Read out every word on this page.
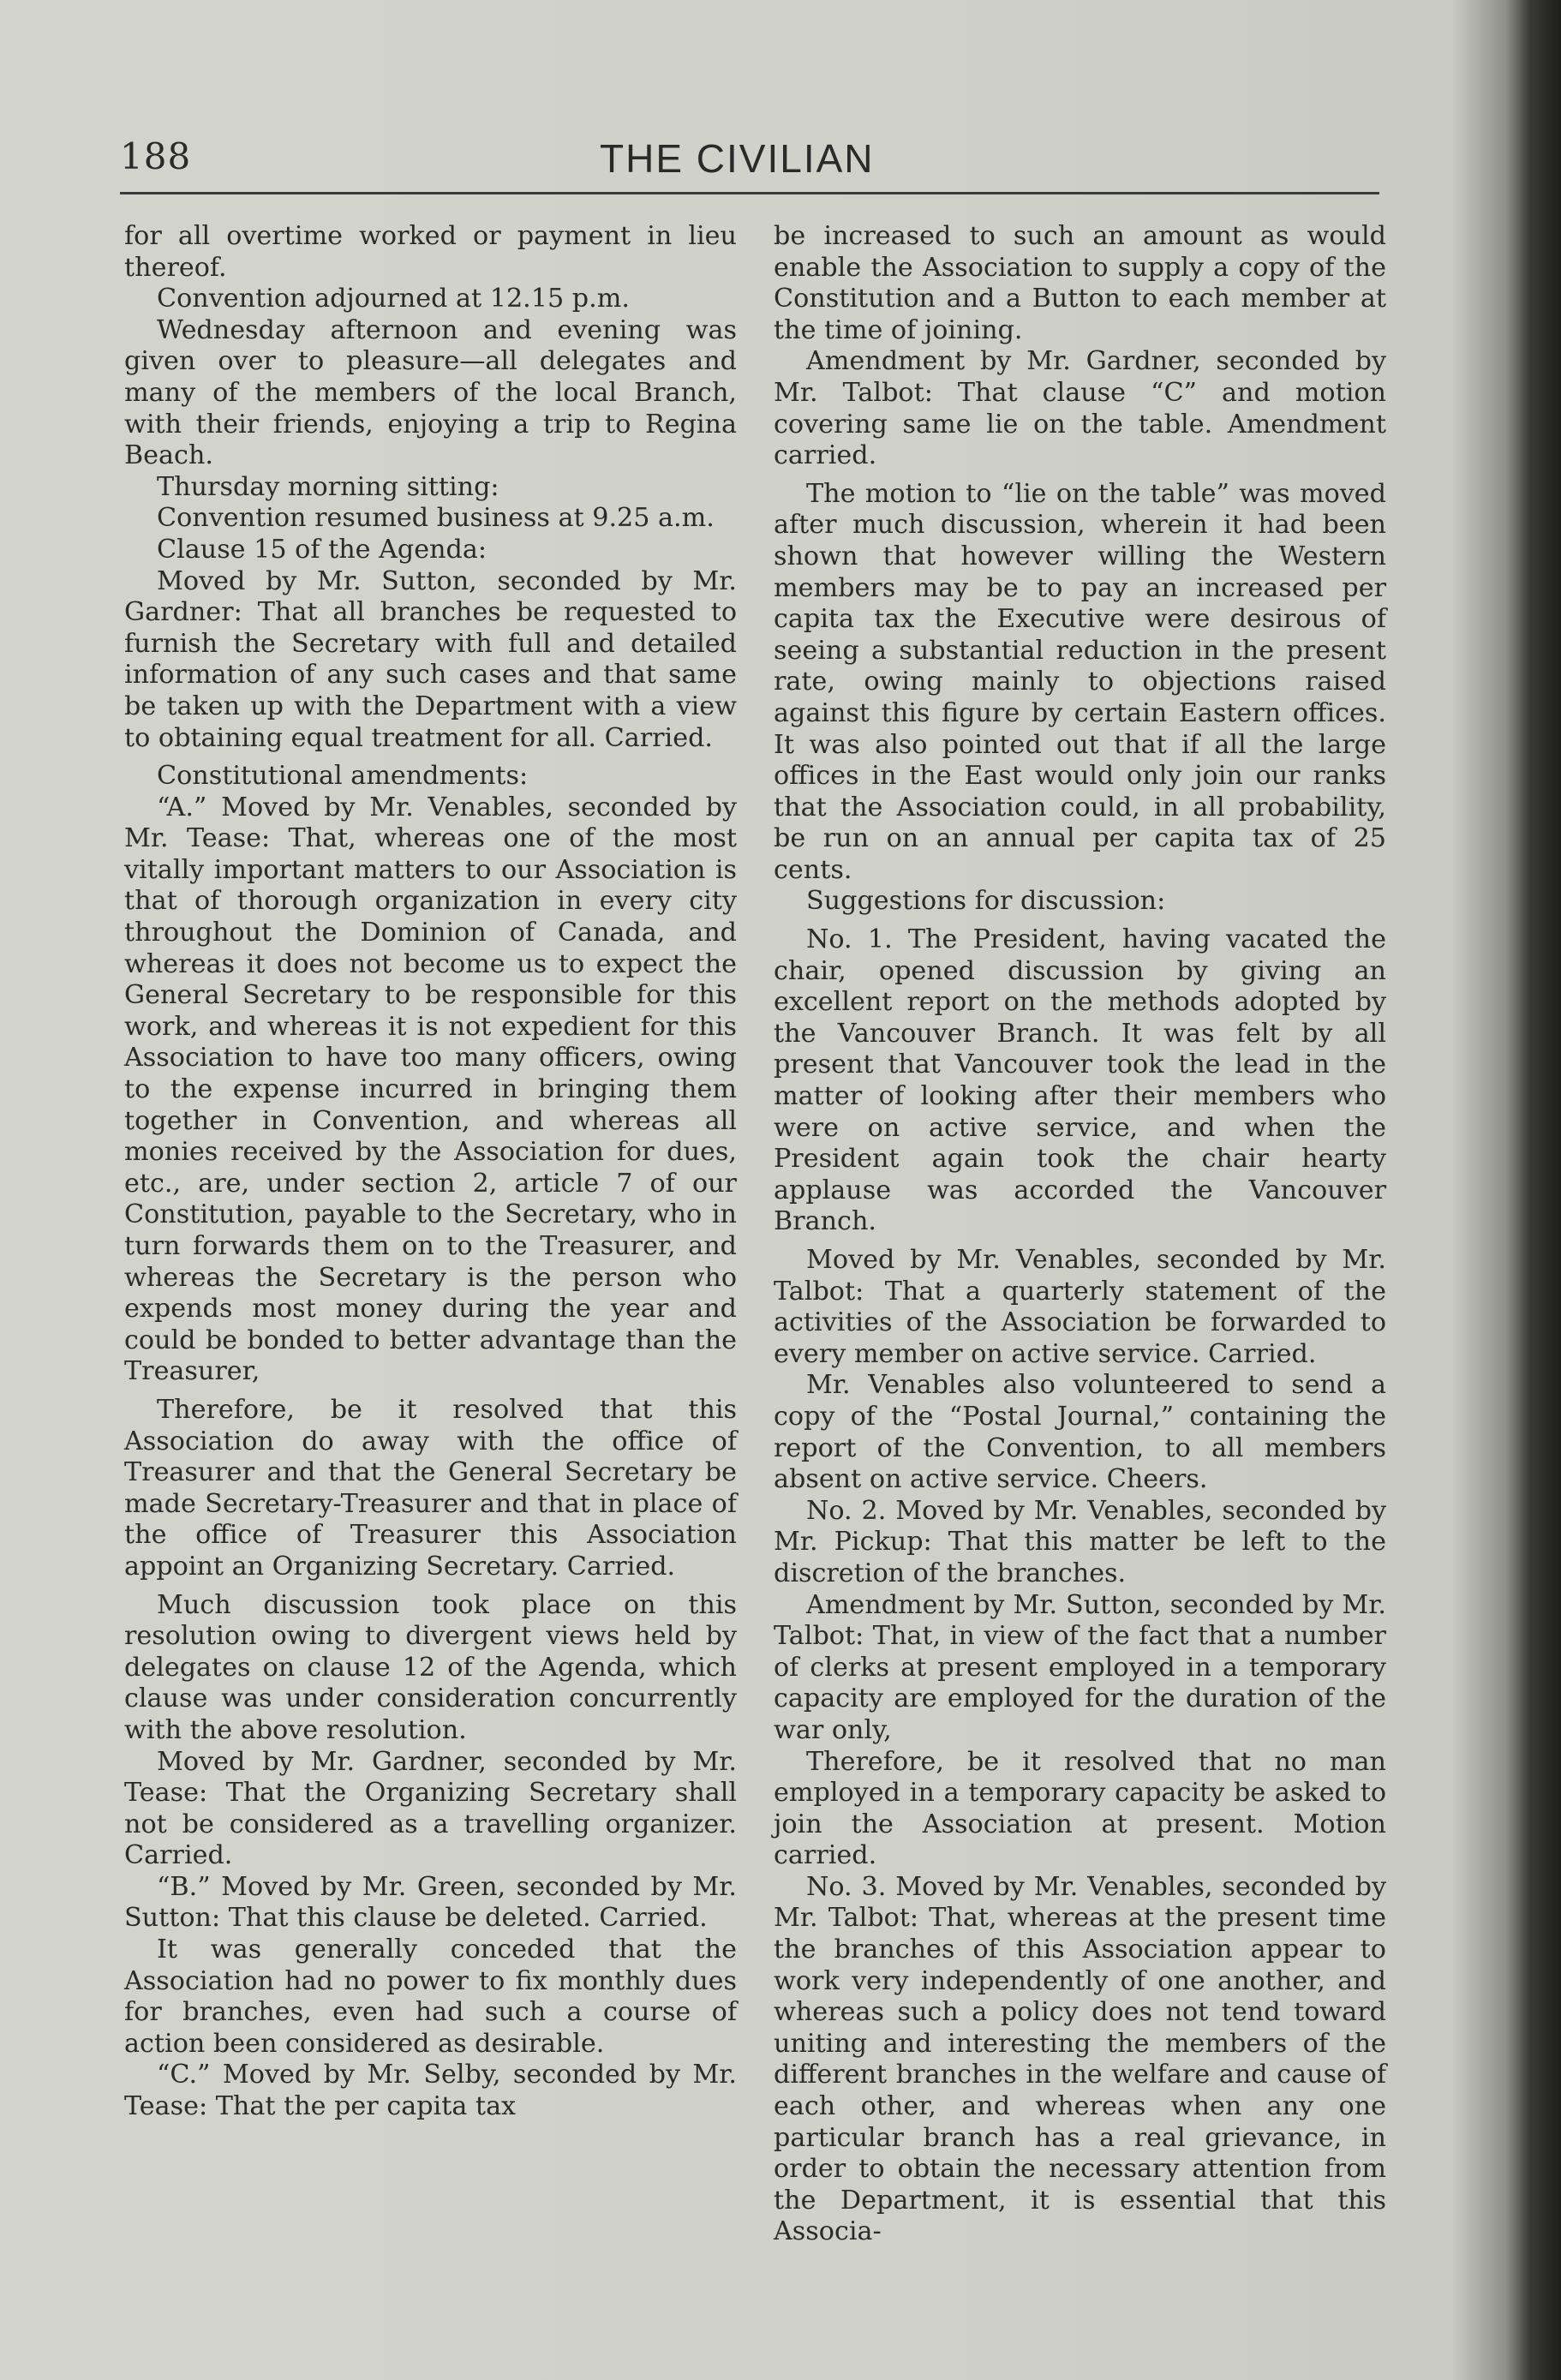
188	THE CIVILIAN

for all overtime worked or payment in lieu thereof.

Convention adjourned at 12.15 p.m.

Wednesday afternoon and evening was given over to pleasure—all delegates and many of the members of the local Branch, with their friends, enjoying a trip to Regina Beach.

Thursday morning sitting:

Convention resumed business at 9.25 a.m.

Clause 15 of the Agenda:

Moved by Mr. Sutton, seconded by Mr. Gardner: That all branches be requested to furnish the Secretary with full and detailed information of any such cases and that same be taken up with the Department with a view to obtaining equal treatment for all. Carried.

Constitutional amendments:

“A.” Moved by Mr. Venables, seconded by Mr. Tease: That, whereas one of the most vitally important matters to our Association is that of thorough organization in every city throughout the Dominion of Canada, and whereas it does not become us to expect the General Secretary to be responsible for this work, and whereas it is not expedient for this Association to have too many officers, owing to the expense incurred in bringing them together in Convention, and whereas all monies received by the Association for dues, etc., are, under section 2, article 7 of our Constitution, payable to the Secretary, who in turn forwards them on to the Treasurer, and whereas the Secretary is the person who expends most money during the year and could be bonded to better advantage than the Treasurer,

Therefore, be it resolved that this Association do away with the office of Treasurer and that the General Secretary be made Secretary-Treasurer and that in place of the office of Treasurer this Association appoint an Organizing Secretary. Carried.

Much discussion took place on this resolution owing to divergent views held by delegates on clause 12 of the Agenda, which clause was under consideration concurrently with the above resolution.

Moved by Mr. Gardner, seconded by Mr. Tease: That the Organizing Secretary shall not be considered as a travelling organizer. Carried.

“B.” Moved by Mr. Green, seconded by Mr. Sutton: That this clause be deleted. Carried.

It was generally conceded that the Association had no power to fix monthly dues for branches, even had such a course of action been considered as desirable.

“C.” Moved by Mr. Selby, seconded by Mr. Tease: That the per capita tax

be increased to such an amount as would enable the Association to supply a copy of the Constitution and a Button to each member at the time of joining.

Amendment by Mr. Gardner, seconded by Mr. Talbot: That clause “C” and motion covering same lie on the table. Amendment carried.

The motion to “lie on the table” was moved after much discussion, wherein it had been shown that however willing the Western members may be to pay an increased per capita tax the Executive were desirous of seeing a substantial reduction in the present rate, owing mainly to objections raised against this figure by certain Eastern offices. It was also pointed out that if all the large offices in the East would only join our ranks that the Association could, in all probability, be run on an annual per capita tax of 25 cents.

Suggestions for discussion:

No. 1. The President, having vacated the chair, opened discussion by giving an excellent report on the methods adopted by the Vancouver Branch. It was felt by all present that Vancouver took the lead in the matter of looking after their members who were on active service, and when the President again took the chair hearty applause was accorded the Vancouver Branch.

Moved by Mr. Venables, seconded by Mr. Talbot: That a quarterly statement of the activities of the Association be forwarded to every member on active service. Carried.

Mr. Venables also volunteered to send a copy of the “Postal Journal,” containing the report of the Convention, to all members absent on active service. Cheers.

No. 2. Moved by Mr. Venables, seconded by Mr. Pickup: That this matter be left to the discretion of the branches.

Amendment by Mr. Sutton, seconded by Mr. Talbot: That, in view of the fact that a number of clerks at present employed in a temporary capacity are employed for the duration of the war only,

Therefore, be it resolved that no man employed in a temporary capacity be asked to join the Association at present. Motion carried.

No. 3. Moved by Mr. Venables, seconded by Mr. Talbot: That, whereas at the present time the branches of this Association appear to work very independently of one another, and whereas such a policy does not tend toward uniting and interesting the members of the different branches in the welfare and cause of each other, and whereas when any one particular branch has a real grievance, in order to obtain the necessary attention from the Department, it is essential that this Associa-
